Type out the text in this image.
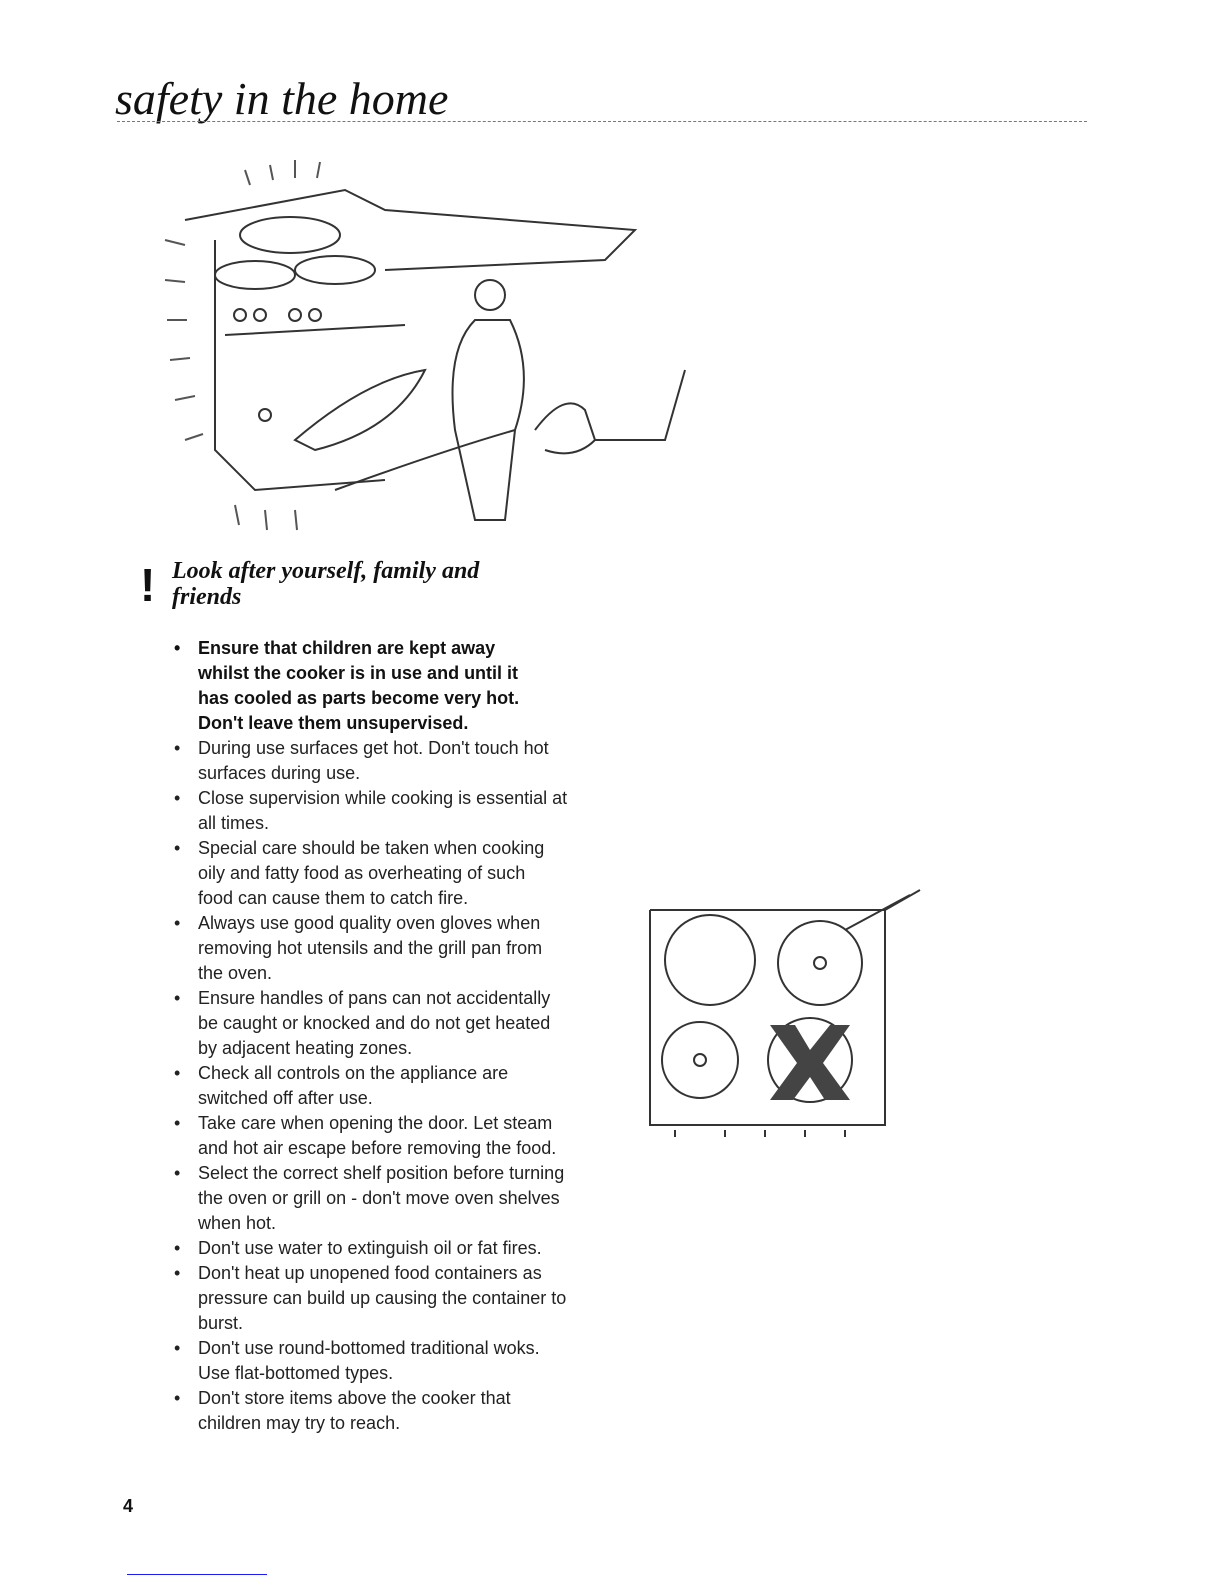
safety in the home
! Look after yourself, family and
friends
• Ensure that children are kept away
whilst the cooker is in use and until it
has cooled as parts become very hot.
Don't leave them unsupervised.
• During use surfaces get hot. Don't touch hot
surfaces during use.
• Close supervision while cooking is essential at
all times.
• Special care should be taken when cooking
oily and fatty food as overheating of such
food can cause them to catch fire.
• Always use good quality oven gloves when
removing hot utensils and the grill pan from
the oven.
• Ensure handles of pans can not accidentally
be caught or knocked and do not get heated
by adjacent heating zones.
• Check all controls on the appliance are
switched off after use.
• Take care when opening the door. Let steam
and hot air escape before removing the food.
• Select the correct shelf position before turning
the oven or grill on - don't move oven shelves
when hot.
• Don't use water to extinguish oil or fat fires.
• Don't heat up unopened food containers as
pressure can build up causing the container to
burst.
• Don't use round-bottomed traditional woks.
Use flat-bottomed types.
• Don't store items above the cooker that
children may try to reach.
4
